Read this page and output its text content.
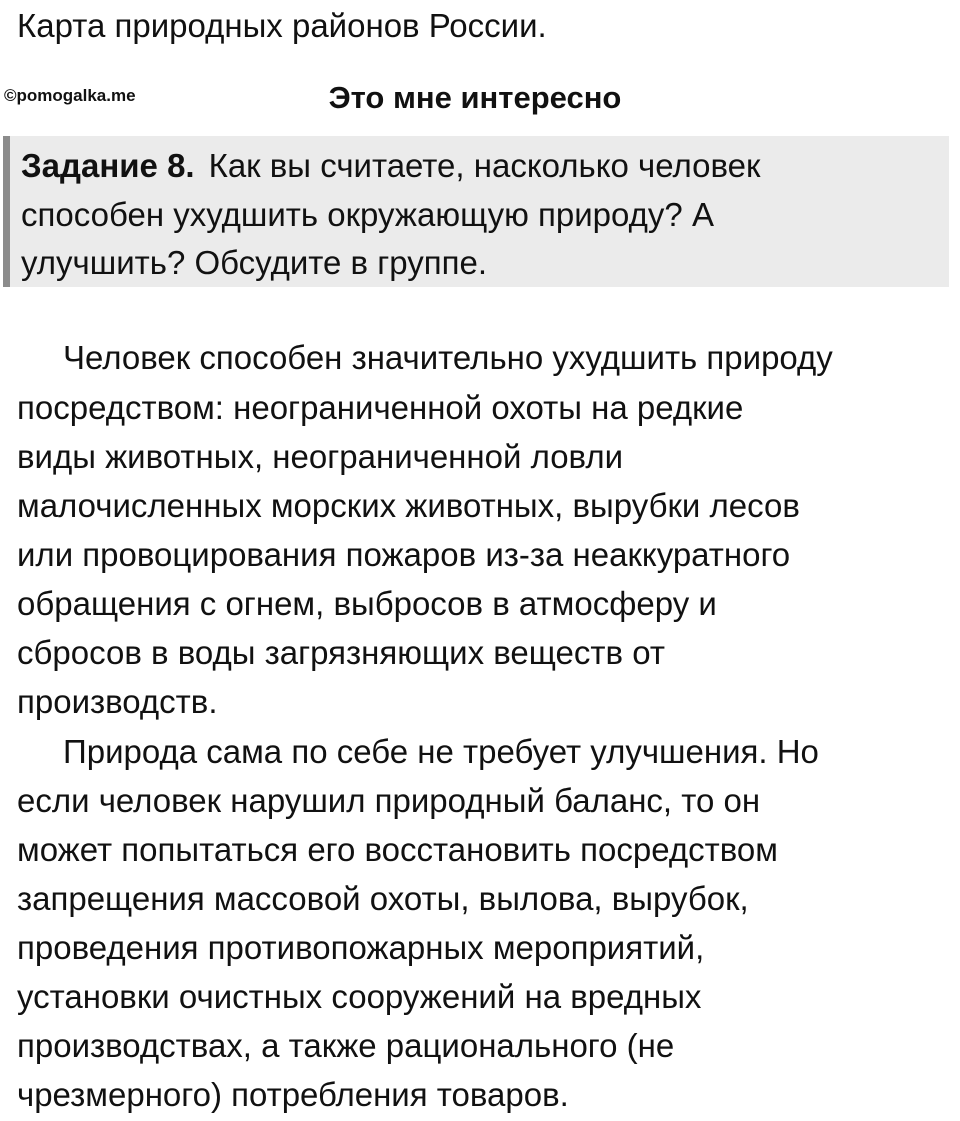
Карта природных районов России.
©pomogalka.me	Это мне интересно
Задание 8. Как вы считаете, насколько человек
способен ухудшить окружающую природу? А
улучшить? Обсудите в группе.
Человек способен значительно ухудшить природу
посредством: неограниченной охоты на редкие
виды животных, неограниченной ловли
малочисленных морских животных, вырубки лесов
или провоцирования пожаров из-за неаккуратного
обращения с огнем, выбросов в атмосферу и
сбросов в воды загрязняющих веществ от
производств.
Природа сама по себе не требует улучшения. Но
если человек нарушил природный баланс, то он
может попытаться его восстановить посредством
запрещения массовой охоты, вылова, вырубок,
проведения противопожарных мероприятий,
установки очистных сооружений на вредных
производствах, а также рационального (не
чрезмерного) потребления товаров.
